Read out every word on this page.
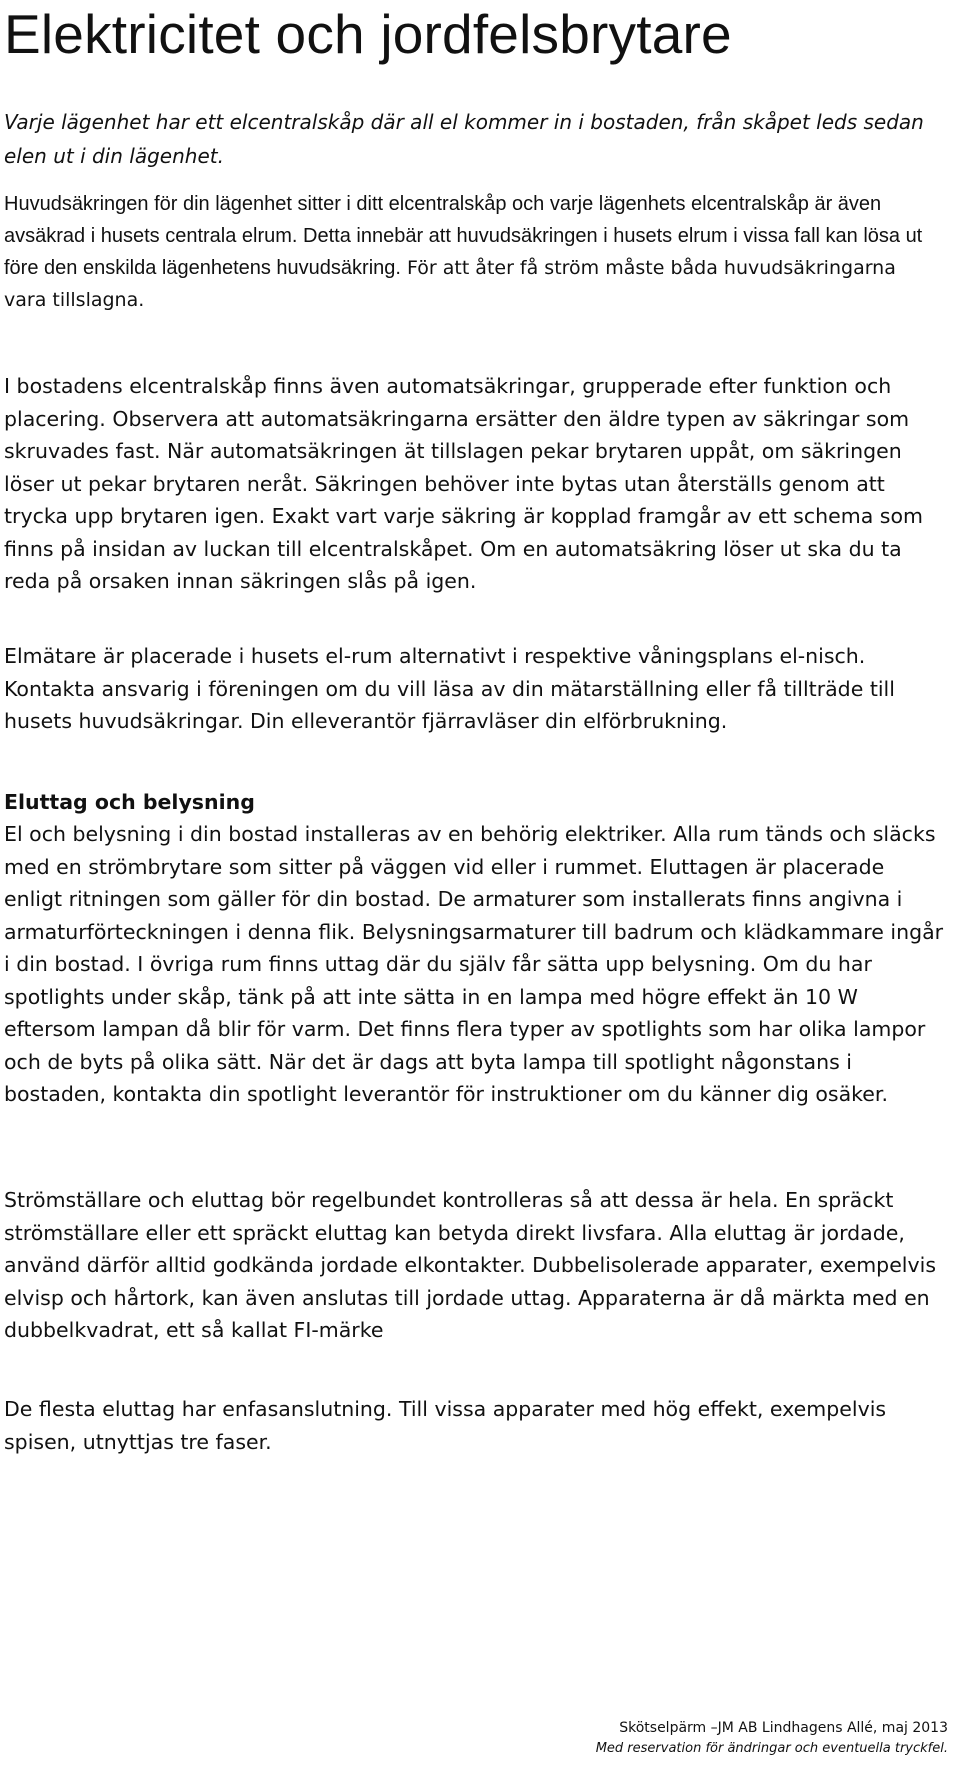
Elektricitet och jordfelsbrytare

Varje lägenhet har ett elcentralskåp där all el kommer in i bostaden, från skåpet leds sedan elen ut i din lägenhet.

Huvudsäkringen för din lägenhet sitter i ditt elcentralskåp och varje lägenhets elcentralskåp är även avsäkrad i husets centrala elrum. Detta innebär att huvudsäkringen i husets elrum i vissa fall kan lösa ut före den enskilda lägenhetens huvudsäkring. För att åter få ström måste båda huvudsäkringarna vara tillslagna.

I bostadens elcentralskåp finns även automatsäkringar, grupperade efter funktion och placering. Observera att automatsäkringarna ersätter den äldre typen av säkringar som skruvades fast. När automatsäkringen ät tillslagen pekar brytaren uppåt, om säkringen löser ut pekar brytaren neråt. Säkringen behöver inte bytas utan återställs genom att trycka upp brytaren igen. Exakt vart varje säkring är kopplad framgår av ett schema som finns på insidan av luckan till elcentralskåpet. Om en automatsäkring löser ut ska du ta reda på orsaken innan säkringen slås på igen.

Elmätare är placerade i husets el-rum alternativt i respektive våningsplans el-nisch. Kontakta ansvarig i föreningen om du vill läsa av din mätarställning eller få tillträde till husets huvudsäkringar. Din elleverantör fjärravläser din elförbrukning.

Eluttag och belysning

El och belysning i din bostad installeras av en behörig elektriker. Alla rum tänds och släcks med en strömbrytare som sitter på väggen vid eller i rummet. Eluttagen är placerade enligt ritningen som gäller för din bostad. De armaturer som installerats finns angivna i armaturförteckningen i denna flik. Belysningsarmaturer till badrum och klädkammare ingår i din bostad. I övriga rum finns uttag där du själv får sätta upp belysning. Om du har spotlights under skåp, tänk på att inte sätta in en lampa med högre effekt än 10 W eftersom lampan då blir för varm. Det finns flera typer av spotlights som har olika lampor och de byts på olika sätt. När det är dags att byta lampa till spotlight någonstans i bostaden, kontakta din spotlight leverantör för instruktioner om du känner dig osäker.

Strömställare och eluttag bör regelbundet kontrolleras så att dessa är hela. En spräckt strömställare eller ett spräckt eluttag kan betyda direkt livsfara. Alla eluttag är jordade, använd därför alltid godkända jordade elkontakter. Dubbelisolerade apparater, exempelvis elvisp och hårtork, kan även anslutas till jordade uttag. Apparaterna är då märkta med en dubbelkvadrat, ett så kallat FI-märke

De flesta eluttag har enfasanslutning. Till vissa apparater med hög effekt, exempelvis spisen, utnyttjas tre faser.

Skötselpärm –JM AB Lindhagens Allé, maj 2013
Med reservation för ändringar och eventuella tryckfel.
